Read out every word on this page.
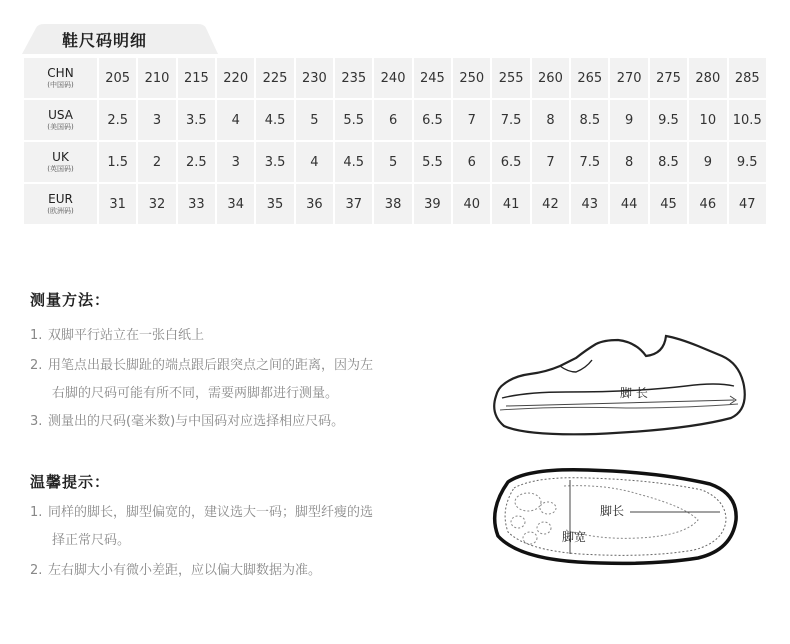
鞋尺码明细
CHN
(中国码)	205	210	215	220	225	230	235	240	245	250	255	260	265	270	275	280	285

USA
(美国码)	2.5	3	3.5	4	4.5	5	5.5	6	6.5	7	7.5	8	8.5	9	9.5	10	10.5

UK
(英国码)	1.5	2	2.5	3	3.5	4	4.5	5	5.5	6	6.5	7	7.5	8	8.5	9	9.5

EUR
(欧洲码)	31	32	33	34	35	36	37	38	39	40	41	42	43	44	45	46	47
测量方法：
1. 双脚平行站立在一张白纸上
2. 用笔点出最长脚趾的端点跟后跟突点之间的距离，因为左
右脚的尺码可能有所不同，需要两脚都进行测量。
3. 测量出的尺码(毫米数)与中国码对应选择相应尺码。
温馨提示：
1. 同样的脚长，脚型偏宽的，建议选大一码；脚型纤瘦的选
择正常尺码。
2. 左右脚大小有微小差距，应以偏大脚数据为准。
脚 长
脚长
脚宽
